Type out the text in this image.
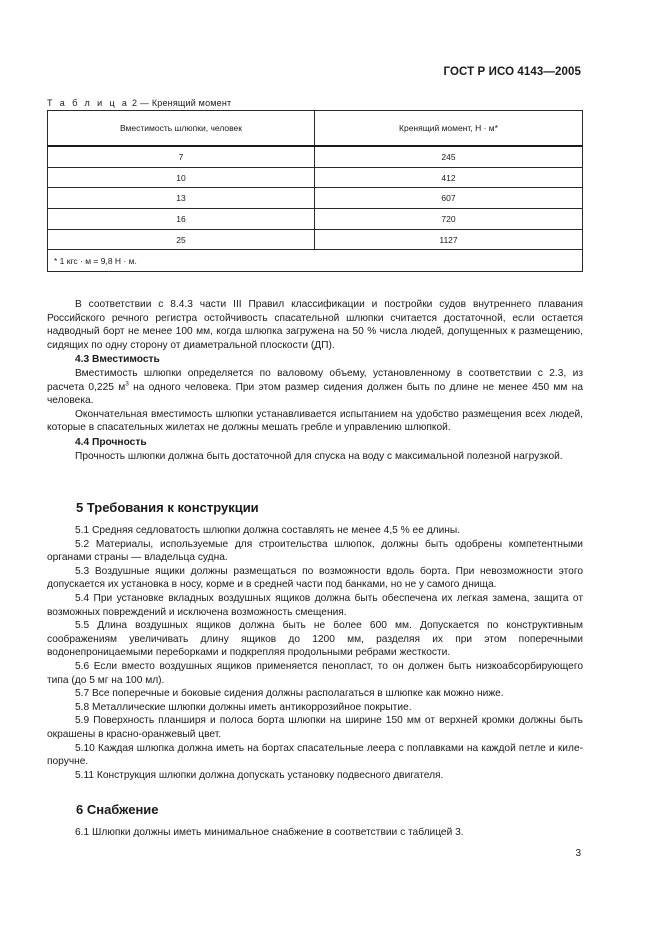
ГОСТ Р ИСО 4143—2005
Т а б л и ц а 2 — Кренящий момент
Вместимость шлюпки, человек	Кренящий момент, Н · м*
7	245
10	412
13	607
16	720
25	1127
* 1 кгс · м = 9,8 Н · м.	

В соответствии с 8.4.3 части III Правил классификации и постройки судов внутреннего плавания Российского речного регистра остойчивость спасательной шлюпки считается достаточной, если остается надводный борт не менее 100 мм, когда шлюпка загружена на 50 % числа людей, допущенных к размещению, сидящих по одну сторону от диаметральной плоскости (ДП).

4.3 Вместимость

Вместимость шлюпки определяется по валовому объему, установленному в соответствии с 2.3, из расчета 0,225 $м^3$ на одного человека. При этом размер сидения должен быть по длине не менее 450 мм на человека.

Окончательная вместимость шлюпки устанавливается испытанием на удобство размещения всех людей, которые в спасательных жилетах не должны мешать гребле и управлению шлюпкой.

4.4 Прочность

Прочность шлюпки должна быть достаточной для спуска на воду с максимальной полезной нагрузкой.

5 Требования к конструкции

5.1 Средняя седловатость шлюпки должна составлять не менее 4,5 % ее длины.

5.2 Материалы, используемые для строительства шлюпок, должны быть одобрены компетентными органами страны — владельца судна.

5.3 Воздушные ящики должны размещаться по возможности вдоль борта. При невозможности этого допускается их установка в носу, корме и в средней части под банками, но не у самого днища.

5.4 При установке вкладных воздушных ящиков должна быть обеспечена их легкая замена, защита от возможных повреждений и исключена возможность смещения.

5.5 Длина воздушных ящиков должна быть не более 600 мм. Допускается по конструктивным соображениям увеличивать длину ящиков до 1200 мм, разделяя их при этом поперечными водонепроницаемыми переборками и подкрепляя продольными ребрами жесткости.

5.6 Если вместо воздушных ящиков применяется пенопласт, то он должен быть низкоабсорбирующего типа (до 5 мг на 100 мл).

5.7 Все поперечные и боковые сидения должны располагаться в шлюпке как можно ниже.

5.8 Металлические шлюпки должны иметь антикоррозийное покрытие.

5.9 Поверхность планширя и полоса борта шлюпки на ширине 150 мм от верхней кромки должны быть окрашены в красно-оранжевый цвет.

5.10 Каждая шлюпка должна иметь на бортах спасательные леера с поплавками на каждой петле и киле-поручне.

5.11 Конструкция шлюпки должна допускать установку подвесного двигателя.

6 Снабжение

6.1 Шлюпки должны иметь минимальное снабжение в соответствии с таблицей 3.

3
